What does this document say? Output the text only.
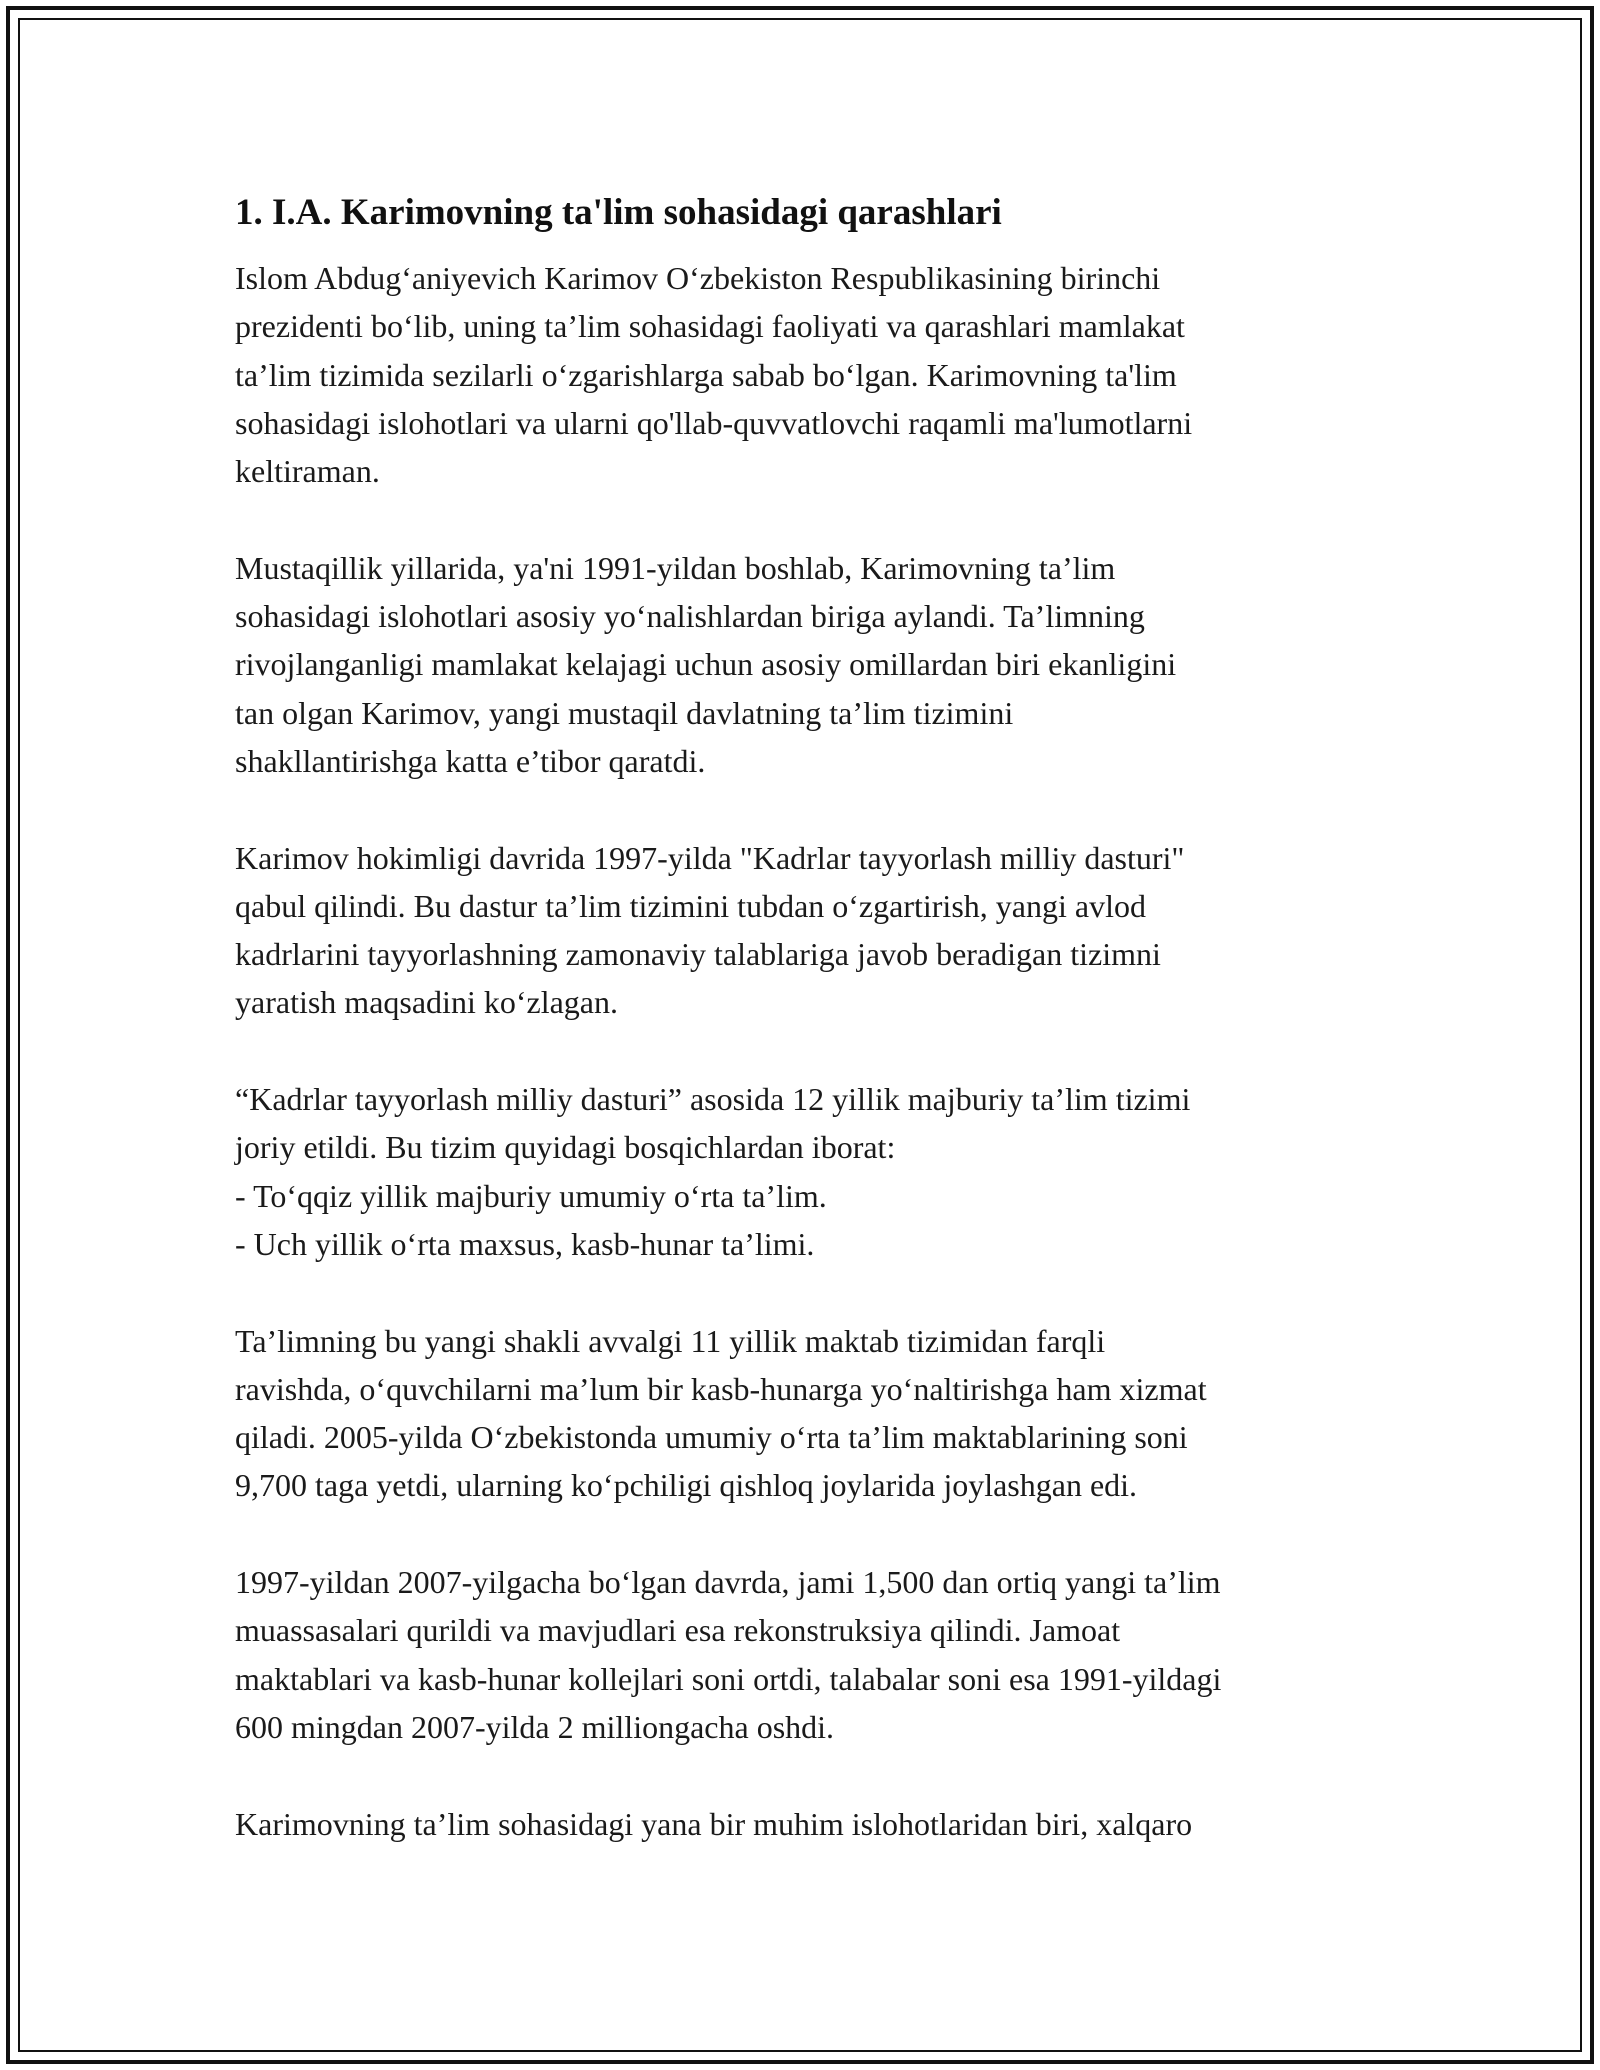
1. I.A. Karimovning ta'lim sohasidagi qarashlari

Islom Abdugʻaniyevich Karimov Oʻzbekiston Respublikasining birinchi
prezidenti boʻlib, uning ta’lim sohasidagi faoliyati va qarashlari mamlakat
ta’lim tizimida sezilarli oʻzgarishlarga sabab boʻlgan. Karimovning ta'lim
sohasidagi islohotlari va ularni qo'llab-quvvatlovchi raqamli ma'lumotlarni
keltiraman.

Mustaqillik yillarida, ya'ni 1991-yildan boshlab, Karimovning ta’lim
sohasidagi islohotlari asosiy yoʻnalishlardan biriga aylandi. Ta’limning
rivojlanganligi mamlakat kelajagi uchun asosiy omillardan biri ekanligini
tan olgan Karimov, yangi mustaqil davlatning ta’lim tizimini
shakllantirishga katta e’tibor qaratdi.

Karimov hokimligi davrida 1997-yilda "Kadrlar tayyorlash milliy dasturi"
qabul qilindi. Bu dastur ta’lim tizimini tubdan oʻzgartirish, yangi avlod
kadrlarini tayyorlashning zamonaviy talablariga javob beradigan tizimni
yaratish maqsadini koʻzlagan.

“Kadrlar tayyorlash milliy dasturi” asosida 12 yillik majburiy ta’lim tizimi
joriy etildi. Bu tizim quyidagi bosqichlardan iborat:
- Toʻqqiz yillik majburiy umumiy oʻrta ta’lim.
- Uch yillik oʻrta maxsus, kasb-hunar ta’limi.

Ta’limning bu yangi shakli avvalgi 11 yillik maktab tizimidan farqli
ravishda, oʻquvchilarni ma’lum bir kasb-hunarga yoʻnaltirishga ham xizmat
qiladi. 2005-yilda Oʻzbekistonda umumiy oʻrta ta’lim maktablarining soni
9,700 taga yetdi, ularning koʻpchiligi qishloq joylarida joylashgan edi.

1997-yildan 2007-yilgacha boʻlgan davrda, jami 1,500 dan ortiq yangi ta’lim
muassasalari qurildi va mavjudlari esa rekonstruksiya qilindi. Jamoat
maktablari va kasb-hunar kollejlari soni ortdi, talabalar soni esa 1991-yildagi
600 mingdan 2007-yilda 2 milliongacha oshdi.

Karimovning ta’lim sohasidagi yana bir muhim islohotlaridan biri, xalqaro
